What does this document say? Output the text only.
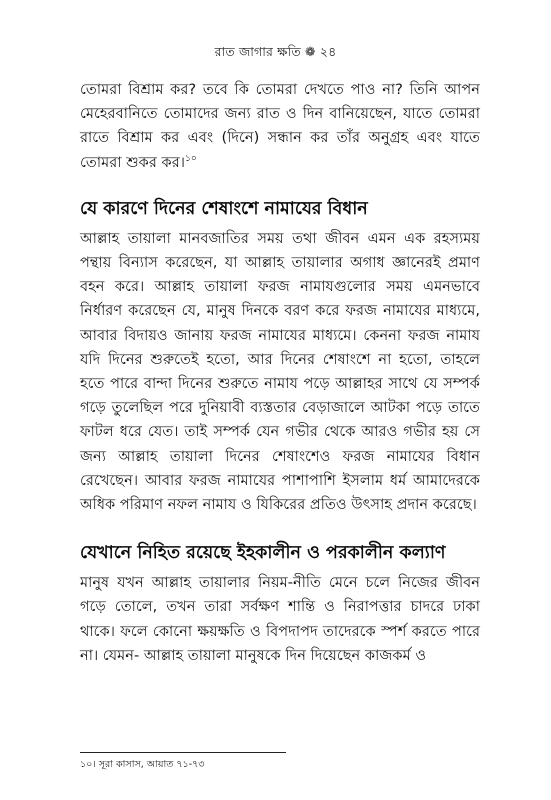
রাত জাগার ক্ষতি ❁ ২৪

তোমরা বিশ্রাম কর? তবে কি তোমরা দেখতে পাও না? তিনি আপন মেহেরবানিতে তোমাদের জন্য রাত ও দিন বানিয়েছেন, যাতে তোমরা রাতে বিশ্রাম কর এবং (দিনে) সন্ধান কর তাঁর অনুগ্রহ এবং যাতে তোমরা শুকর কর।$^{১০}$

যে কারণে দিনের শেষাংশে নামাযের বিধান

আল্লাহ তায়ালা মানবজাতির সময় তথা জীবন এমন এক রহস্যময় পন্থায় বিন্যাস করেছেন, যা আল্লাহ তায়ালার অগাধ জ্ঞানেরই প্রমাণ বহন করে। আল্লাহ তায়ালা ফরজ নামাযগুলোর সময় এমনভাবে নির্ধারণ করেছেন যে, মানুষ দিনকে বরণ করে ফরজ নামাযের মাধ্যমে, আবার বিদায়ও জানায় ফরজ নামাযের মাধ্যমে। কেননা ফরজ নামায যদি দিনের শুরুতেই হতো, আর দিনের শেষাংশে না হতো, তাহলে হতে পারে বান্দা দিনের শুরুতে নামায পড়ে আল্লাহর সাথে যে সম্পর্ক গড়ে তুলেছিল পরে দুনিয়াবী ব্যস্ততার বেড়াজালে আটকা পড়ে তাতে ফাটল ধরে যেত। তাই সম্পর্ক যেন গভীর থেকে আরও গভীর হয় সে জন্য আল্লাহ তায়ালা দিনের শেষাংশেও ফরজ নামাযের বিধান রেখেছেন। আবার ফরজ নামাযের পাশাপাশি ইসলাম ধর্ম আমাদেরকে অধিক পরিমাণ নফল নামায ও যিকিরের প্রতিও উৎসাহ প্রদান করেছে।

যেখানে নিহিত রয়েছে ইহকালীন ও পরকালীন কল্যাণ

মানুষ যখন আল্লাহ তায়ালার নিয়ম-নীতি মেনে চলে নিজের জীবন গড়ে তোলে, তখন তারা সর্বক্ষণ শান্তি ও নিরাপত্তার চাদরে ঢাকা থাকে। ফলে কোনো ক্ষয়ক্ষতি ও বিপদাপদ তাদেরকে স্পর্শ করতে পারে না। যেমন- আল্লাহ তায়ালা মানুষকে দিন দিয়েছেন কাজকর্ম ও

১০। সূরা কাসাস, আয়াত ৭১-৭৩
